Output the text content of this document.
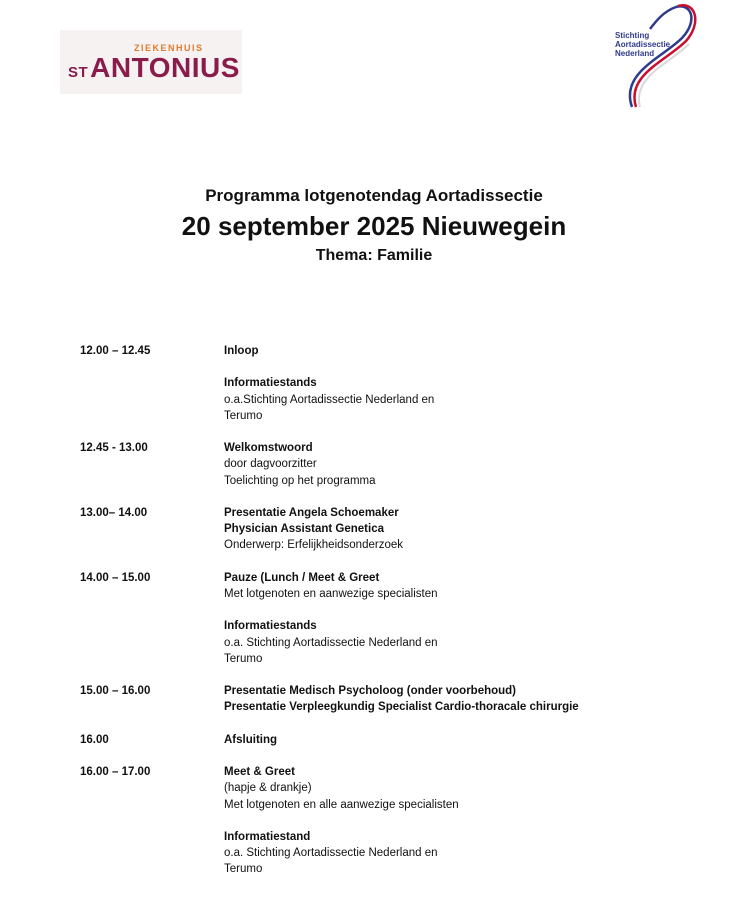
ZIEKENHUIS
ST ANTONIUS
Stichting
Aortadissectie
Nederland
Programma lotgenotendag Aortadissectie
20 september 2025 Nieuwegein
Thema: Familie
12.00 – 12.45	Inloop
Informatiestands
o.a.Stichting Aortadissectie Nederland en
Terumo
12.45 - 13.00	Welkomstwoord
door dagvoorzitter
Toelichting op het programma
13.00– 14.00	Presentatie Angela Schoemaker
Physician Assistant Genetica
Onderwerp: Erfelijkheidsonderzoek
14.00 – 15.00	Pauze (Lunch / Meet & Greet
Met lotgenoten en aanwezige specialisten
Informatiestands
o.a. Stichting Aortadissectie Nederland en
Terumo
15.00 – 16.00	Presentatie Medisch Psycholoog (onder voorbehoud)
Presentatie Verpleegkundig Specialist Cardio-thoracale chirurgie
16.00	Afsluiting
16.00 – 17.00	Meet & Greet
(hapje & drankje)
Met lotgenoten en alle aanwezige specialisten
Informatiestand
o.a. Stichting Aortadissectie Nederland en
Terumo
